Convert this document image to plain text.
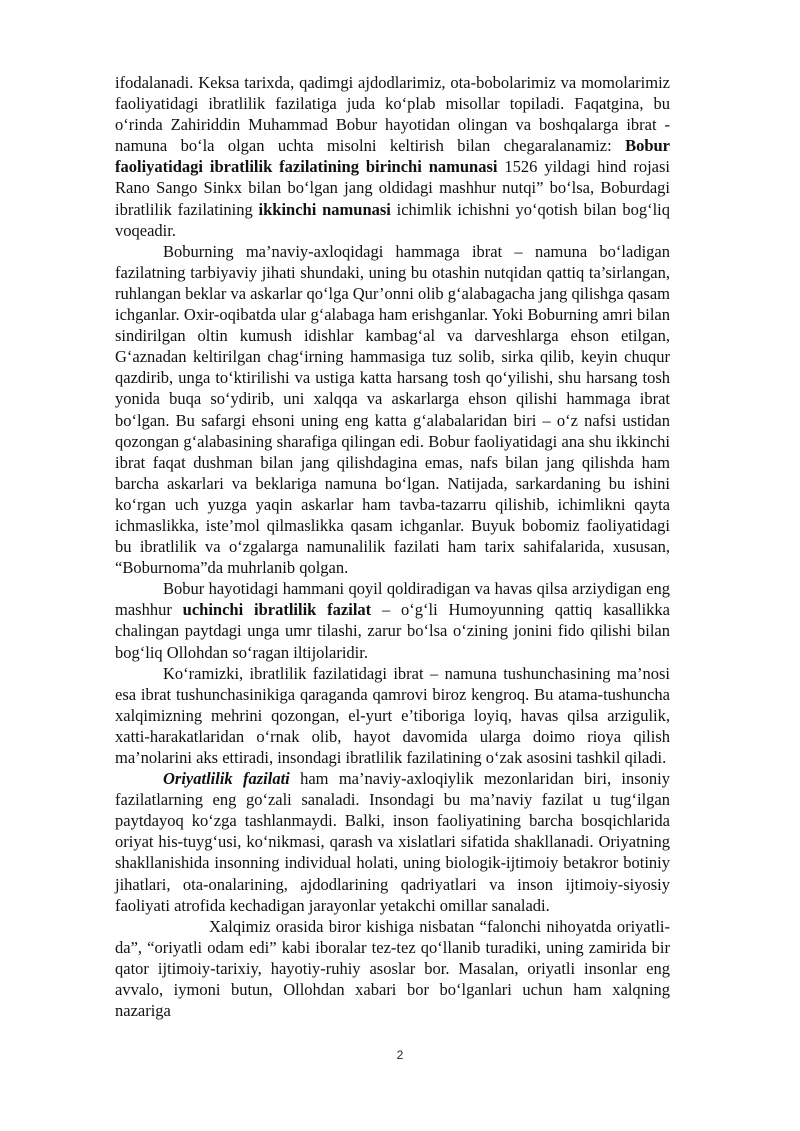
ifodalanadi. Keksa tarixda, qadimgi ajdodlarimiz, ota-bobolarimiz va momolarimiz faoliyatidagi ibratlilik fazilatiga juda ko‘plab misollar topiladi. Faqatgina, bu o‘rinda Zahiriddin Muhammad Bobur hayotidan olingan va boshqalarga ibrat - namuna bo‘la olgan uchta misolni keltirish bilan chegaralanamiz: Bobur faoliyatidagi ibratlilik fazilatining birinchi namunasi 1526 yildagi hind rojasi Rano Sango Sinkx bilan bo‘lgan jang oldidagi mashhur nutqi” bo‘lsa, Boburdagi ibratlilik fazilatining ikkinchi namunasi ichimlik ichishni yo‘qotish bilan bog‘liq voqeadir.

Boburning ma’naviy-axloqidagi hammaga ibrat – namuna bo‘ladigan fazilatning tarbiyaviy jihati shundaki, uning bu otashin nutqidan qattiq ta’sirlangan, ruhlangan beklar va askarlar qo‘lga Qur’onni olib g‘alabagacha jang qilishga qasam ichganlar. Oxir-oqibatda ular g‘alabaga ham erishganlar. Yoki Boburning amri bilan sindirilgan oltin kumush idishlar kambag‘al va darveshlarga ehson etilgan, G‘aznadan keltirilgan chag‘irning hammasiga tuz solib, sirka qilib, keyin chuqur qazdirib, unga to‘ktirilishi va ustiga katta harsang tosh qo‘yilishi, shu harsang tosh yonida buqa so‘ydirib, uni xalqqa va askarlarga ehson qilishi hammaga ibrat bo‘lgan. Bu safargi ehsoni uning eng katta g‘alabalaridan biri – o‘z nafsi ustidan qozongan g‘alabasining sharafiga qilingan edi. Bobur faoliyatidagi ana shu ikkinchi ibrat faqat dushman bilan jang qilishdagina emas, nafs bilan jang qilishda ham barcha askarlari va beklariga namuna bo‘lgan. Natijada, sarkardaning bu ishini ko‘rgan uch yuzga yaqin askarlar ham tavba-tazarru qilishib, ichimlikni qayta ichmaslikka, iste’mol qilmaslikka qasam ichganlar. Buyuk bobomiz faoliyatidagi bu ibratlilik va o‘zgalarga namunalilik fazilati ham tarix sahifalarida, xususan, “Boburnoma”da muhrlanib qolgan.

Bobur hayotidagi hammani qoyil qoldiradigan va havas qilsa arziydigan eng mashhur uchinchi ibratlilik fazilat – o‘g‘li Humoyunning qattiq kasallikka chalingan paytdagi unga umr tilashi, zarur bo‘lsa o‘zining jonini fido qilishi bilan bog‘liq Ollohdan so‘ragan iltijolaridir.

Ko‘ramizki, ibratlilik fazilatidagi ibrat – namuna tushunchasining ma’nosi esa ibrat tushunchasinikiga qaraganda qamrovi biroz kengroq. Bu atama-tushuncha xalqimizning mehrini qozongan, el-yurt e’tiboriga loyiq, havas qilsa arzigulik, xatti-harakatlaridan o‘rnak olib, hayot davomida ularga doimo rioya qilish ma’nolarini aks ettiradi, insondagi ibratlilik fazilatining o‘zak asosini tashkil qiladi.

Oriyatlilik fazilati ham ma’naviy-axloqiylik mezonlaridan biri, insoniy fazilatlarning eng go‘zali sanaladi. Insondagi bu ma’naviy fazilat u tug‘ilgan paytdayoq ko‘zga tashlanmaydi. Balki, inson faoliyatining barcha bosqichlarida oriyat his-tuyg‘usi, ko‘nikmasi, qarash va xislatlari sifatida shakllanadi. Oriyatning shakllanishida insonning individual holati, uning biologik-ijtimoiy betakror botiniy jihatlari, ota-onalarining, ajdodlarining qadriyatlari va inson ijtimoiy-siyosiy faoliyati atrofida kechadigan jarayonlar yetakchi omillar sanaladi.

Xalqimiz orasida biror kishiga nisbatan “falonchi nihoyatda oriyatli-da”, “oriyatli odam edi” kabi iboralar tez-tez qo‘llanib turadiki, uning zamirida bir qator ijtimoiy-tarixiy, hayotiy-ruhiy asoslar bor. Masalan, oriyatli insonlar eng avvalo, iymoni butun, Ollohdan xabari bor bo‘lganlari uchun ham xalqning nazariga

2
